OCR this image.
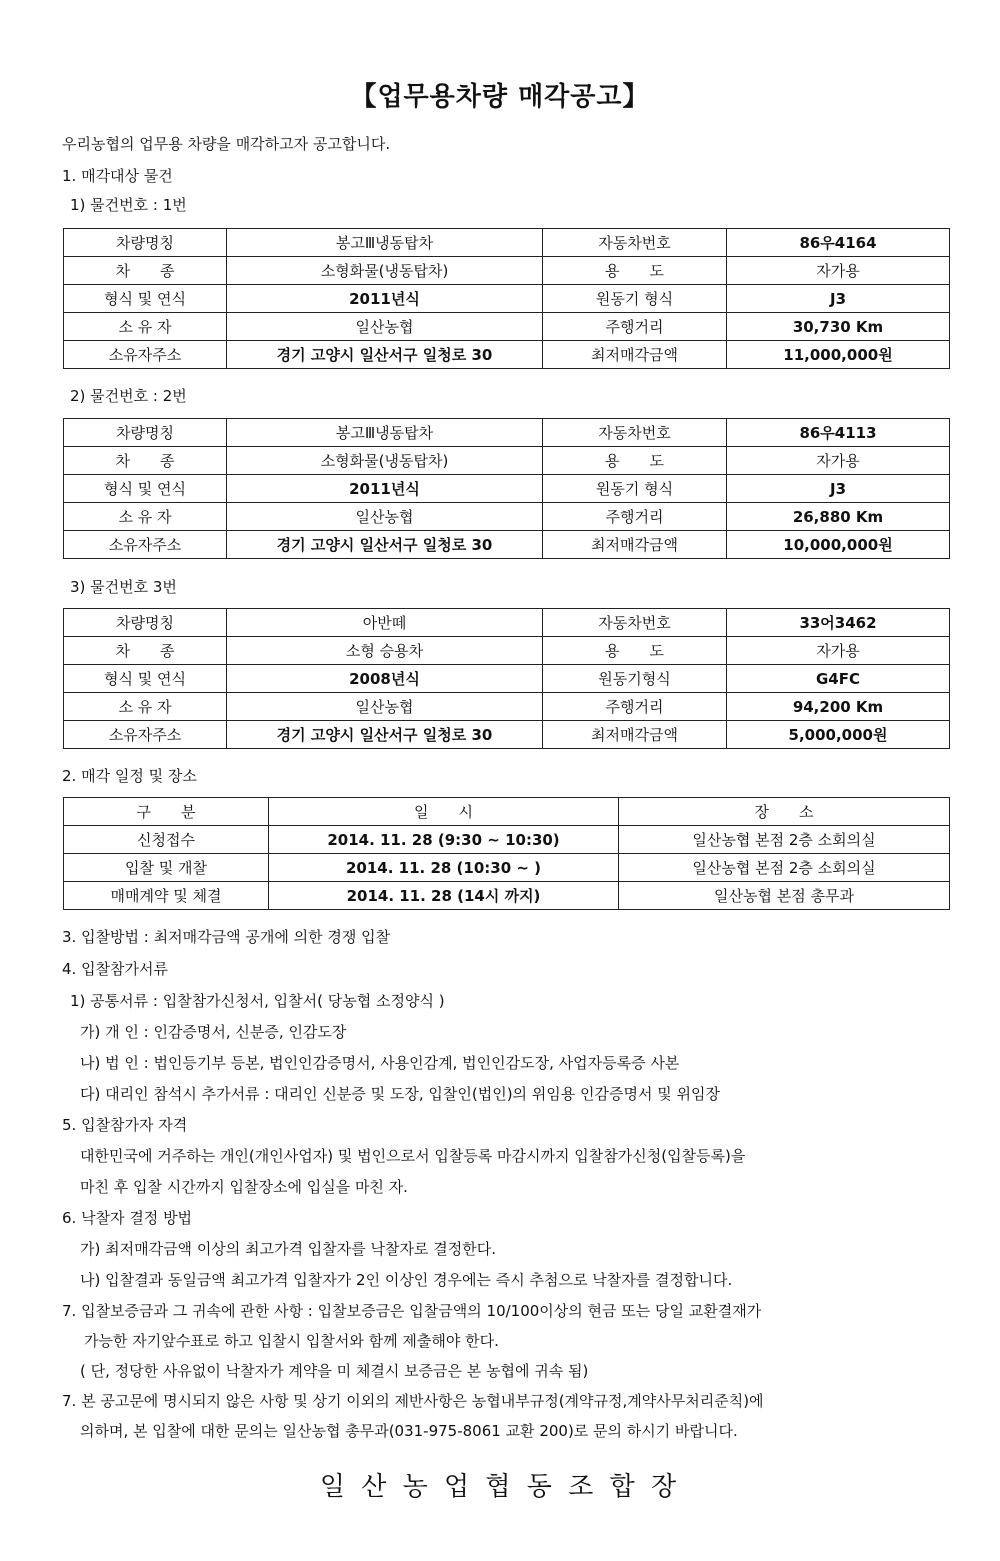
【업무용차량 매각공고】
우리농협의 업무용 차량을 매각하고자 공고합니다.
1. 매각대상 물건
1) 물건번호 : 1번
차량명칭	봉고Ⅲ냉동탑차	자동차번호	86우4164
차　　종	소형화물(냉동탑차)	용　　도	자가용
형식 및 연식	2011년식	원동기 형식	J3
소 유 자	일산농협	주행거리	30,730 Km
소유자주소	경기 고양시 일산서구 일청로 30	최저매각금액	11,000,000원
2) 물건번호 : 2번
차량명칭	봉고Ⅲ냉동탑차	자동차번호	86우4113
차　　종	소형화물(냉동탑차)	용　　도	자가용
형식 및 연식	2011년식	원동기 형식	J3
소 유 자	일산농협	주행거리	26,880 Km
소유자주소	경기 고양시 일산서구 일청로 30	최저매각금액	10,000,000원
3) 물건번호 3번
차량명칭	아반떼	자동차번호	33어3462
차　　종	소형 승용차	용　　도	자가용
형식 및 연식	2008년식	원동기형식	G4FC
소 유 자	일산농협	주행거리	94,200 Km
소유자주소	경기 고양시 일산서구 일청로 30	최저매각금액	5,000,000원
2. 매각 일정 및 장소
구　　분	일　　시	장　　소
신청접수	2014. 11. 28 (9:30 ~ 10:30)	일산농협 본점 2층 소회의실
입찰 및 개찰	2014. 11. 28 (10:30 ~ )	일산농협 본점 2층 소회의실
매매계약 및 체결	2014. 11. 28 (14시 까지)	일산농협 본점 총무과
3. 입찰방법 : 최저매각금액 공개에 의한 경쟁 입찰
4. 입찰참가서류
1) 공통서류 : 입찰참가신청서, 입찰서( 당농협 소정양식 )
가) 개 인 : 인감증명서, 신분증, 인감도장
나) 법 인 : 법인등기부 등본, 법인인감증명서, 사용인감계, 법인인감도장, 사업자등록증 사본
다) 대리인 참석시 추가서류 : 대리인 신분증 및 도장, 입찰인(법인)의 위임용 인감증명서 및 위임장
5. 입찰참가자 자격
대한민국에 거주하는 개인(개인사업자) 및 법인으로서 입찰등록 마감시까지 입찰참가신청(입찰등록)을
마친 후 입찰 시간까지 입찰장소에 입실을 마친 자.
6. 낙찰자 결정 방법
가) 최저매각금액 이상의 최고가격 입찰자를 낙찰자로 결정한다.
나) 입찰결과 동일금액 최고가격 입찰자가 2인 이상인 경우에는 즉시 추첨으로 낙찰자를 결정합니다.
7. 입찰보증금과 그 귀속에 관한 사항 : 입찰보증금은 입찰금액의 10/100이상의 현금 또는 당일 교환결재가
가능한 자기앞수표로 하고 입찰시 입찰서와 함께 제출해야 한다.
( 단, 정당한 사유없이 낙찰자가 계약을 미 체결시 보증금은 본 농협에 귀속 됨)
7. 본 공고문에 명시되지 않은 사항 및 상기 이외의 제반사항은 농협내부규정(계약규정,계약사무처리준칙)에
의하며, 본 입찰에 대한 문의는 일산농협 총무과(031-975-8061 교환 200)로 문의 하시기 바랍니다.
일 산 농 업 협 동 조 합 장
